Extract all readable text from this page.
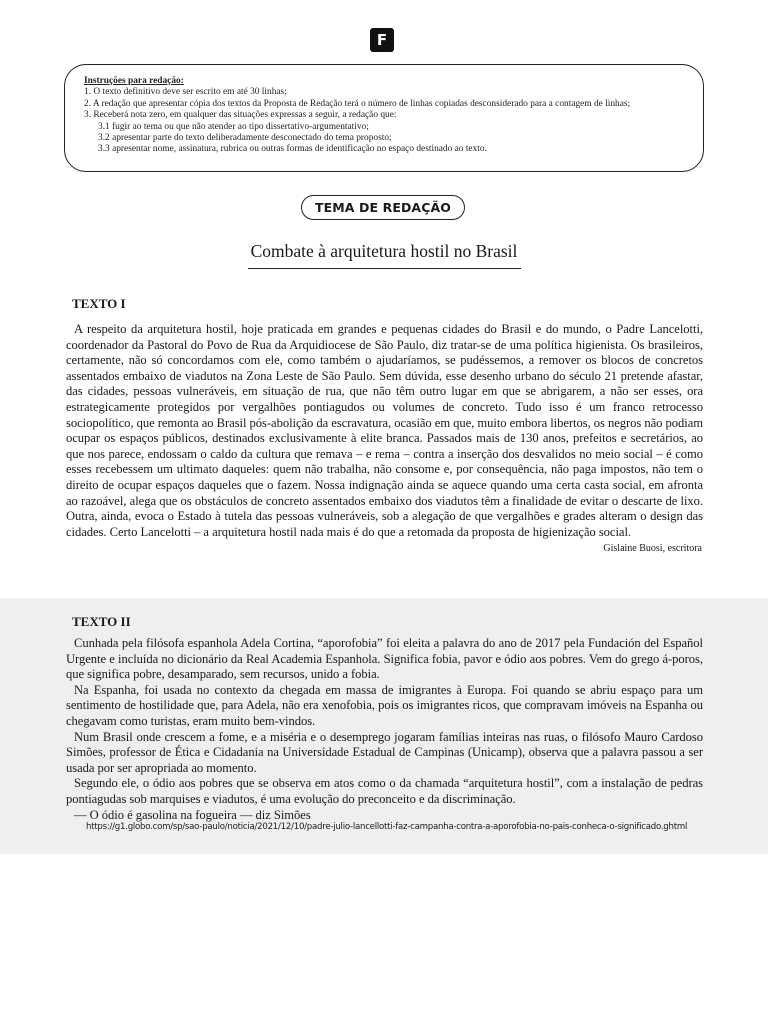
F
Instruções para redação:
1. O texto definitivo deve ser escrito em até 30 linhas;
2. A redação que apresentar cópia dos textos da Proposta de Redação terá o número de linhas copiadas desconsiderado para a contagem de linhas;
3. Receberá nota zero, em qualquer das situações expressas a seguir, a redação que:
3.1 fugir ao tema ou que não atender ao tipo dissertativo-argumentativo;
3.2 apresentar parte do texto deliberadamente desconectado do tema proposto;
3.3 apresentar nome, assinatura, rubrica ou outras formas de identificação no espaço destinado ao texto.
TEMA DE REDAÇÃO
Combate à arquitetura hostil no Brasil
TEXTO I

A respeito da arquitetura hostil, hoje praticada em grandes e pequenas cidades do Brasil e do mundo, o Padre Lancelotti, coordenador da Pastoral do Povo de Rua da Arquidiocese de São Paulo, diz tratar-se de uma política higienista. Os brasileiros, certamente, não só concordamos com ele, como também o ajudaríamos, se pudéssemos, a remover os blocos de concretos assentados embaixo de viadutos na Zona Leste de São Paulo. Sem dúvida, esse desenho urbano do século 21 pretende afastar, das cidades, pessoas vulneráveis, em situação de rua, que não têm outro lugar em que se abrigarem, a não ser esses, ora estrategicamente protegidos por vergalhões pontiagudos ou volumes de concreto. Tudo isso é um franco retrocesso sociopolítico, que remonta ao Brasil pós-abolição da escravatura, ocasião em que, muito embora libertos, os negros não podiam ocupar os espaços públicos, destinados exclusivamente à elite branca. Passados mais de 130 anos, prefeitos e secretários, ao que nos parece, endossam o caldo da cultura que remava – e rema – contra a inserção dos desvalidos no meio social – é como esses recebessem um ultimato daqueles: quem não trabalha, não consome e, por consequência, não paga impostos, não tem o direito de ocupar espaços daqueles que o fazem. Nossa indignação ainda se aquece quando uma certa casta social, em afronta ao razoável, alega que os obstáculos de concreto assentados embaixo dos viadutos têm a finalidade de evitar o descarte de lixo. Outra, ainda, evoca o Estado à tutela das pessoas vulneráveis, sob a alegação de que vergalhões e grades alteram o design das cidades. Certo Lancelotti – a arquitetura hostil nada mais é do que a retomada da proposta de higienização social.

Gislaine Buosi, escritora
TEXTO II

Cunhada pela filósofa espanhola Adela Cortina, “aporofobia” foi eleita a palavra do ano de 2017 pela Fundación del Español Urgente e incluída no dicionário da Real Academia Espanhola. Significa fobia, pavor e ódio aos pobres. Vem do grego á-poros, que significa pobre, desamparado, sem recursos, unido a fobia.

Na Espanha, foi usada no contexto da chegada em massa de imigrantes à Europa. Foi quando se abriu espaço para um sentimento de hostilidade que, para Adela, não era xenofobia, pois os imigrantes ricos, que compravam imóveis na Espanha ou chegavam como turistas, eram muito bem-vindos.

Num Brasil onde crescem a fome, e a miséria e o desemprego jogaram famílias inteiras nas ruas, o filósofo Mauro Cardoso Simões, professor de Ética e Cidadania na Universidade Estadual de Campinas (Unicamp), observa que a palavra passou a ser usada por ser apropriada ao momento.

Segundo ele, o ódio aos pobres que se observa em atos como o da chamada “arquitetura hostil”, com a instalação de pedras pontiagudas sob marquises e viadutos, é uma evolução do preconceito e da discriminação.

— O ódio é gasolina na fogueira — diz Simões

https://g1.globo.com/sp/sao-paulo/noticia/2021/12/10/padre-julio-lancellotti-faz-campanha-contra-a-aporofobia-no-pais-conheca-o-significado.ghtml
